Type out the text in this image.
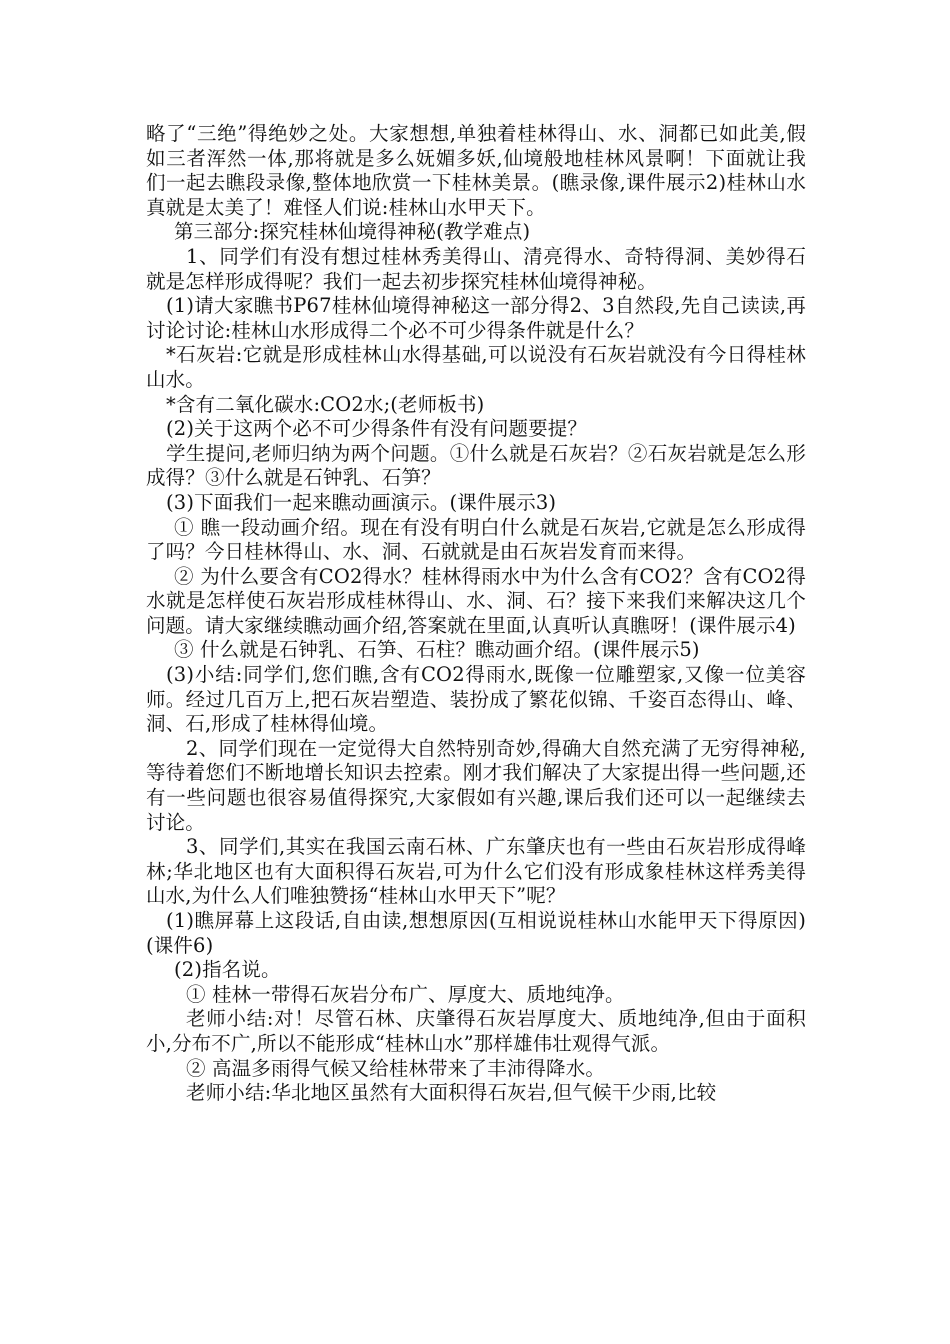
略了“三绝”得绝妙之处。大家想想,单独着桂林得山、水、洞都已如此美,假如三者浑然一体,那将就是多么妩媚多妖,仙境般地桂林风景啊！下面就让我们一起去瞧段录像,整体地欣赏一下桂林美景。(瞧录像,课件展示2)桂林山水真就是太美了！难怪人们说:桂林山水甲天下。

第三部分:探究桂林仙境得神秘(教学难点)

1、同学们有没有想过桂林秀美得山、清亮得水、奇特得洞、美妙得石就是怎样形成得呢？我们一起去初步探究桂林仙境得神秘。

(1)请大家瞧书P67桂林仙境得神秘这一部分得2、3自然段,先自己读读,再讨论讨论:桂林山水形成得二个必不可少得条件就是什么？

*石灰岩:它就是形成桂林山水得基础,可以说没有石灰岩就没有今日得桂林山水。

*含有二氧化碳水:CO2水;(老师板书)

(2)关于这两个必不可少得条件有没有问题要提？

学生提问,老师归纳为两个问题。①什么就是石灰岩？②石灰岩就是怎么形成得？③什么就是石钟乳、石笋？

(3)下面我们一起来瞧动画演示。(课件展示3)

① 瞧一段动画介绍。现在有没有明白什么就是石灰岩,它就是怎么形成得了吗？今日桂林得山、水、洞、石就就是由石灰岩发育而来得。

② 为什么要含有CO2得水？桂林得雨水中为什么含有CO2？含有CO2得水就是怎样使石灰岩形成桂林得山、水、洞、石？接下来我们来解决这几个问题。请大家继续瞧动画介绍,答案就在里面,认真听认真瞧呀！(课件展示4)

③ 什么就是石钟乳、石笋、石柱？瞧动画介绍。(课件展示5)

(3)小结:同学们,您们瞧,含有CO2得雨水,既像一位雕塑家,又像一位美容师。经过几百万上,把石灰岩塑造、装扮成了繁花似锦、千姿百态得山、峰、洞、石,形成了桂林得仙境。

2、同学们现在一定觉得大自然特别奇妙,得确大自然充满了无穷得神秘,等待着您们不断地增长知识去控索。刚才我们解决了大家提出得一些问题,还有一些问题也很容易值得探究,大家假如有兴趣,课后我们还可以一起继续去讨论。

3、同学们,其实在我国云南石林、广东肇庆也有一些由石灰岩形成得峰林;华北地区也有大面积得石灰岩,可为什么它们没有形成象桂林这样秀美得山水,为什么人们唯独赞扬“桂林山水甲天下”呢？

(1)瞧屏幕上这段话,自由读,想想原因(互相说说桂林山水能甲天下得原因)(课件6)

(2)指名说。

① 桂林一带得石灰岩分布广、厚度大、质地纯净。

老师小结:对！尽管石林、庆肇得石灰岩厚度大、质地纯净,但由于面积小,分布不广,所以不能形成“桂林山水”那样雄伟壮观得气派。

② 高温多雨得气候又给桂林带来了丰沛得降水。

老师小结:华北地区虽然有大面积得石灰岩,但气候干少雨,比较
